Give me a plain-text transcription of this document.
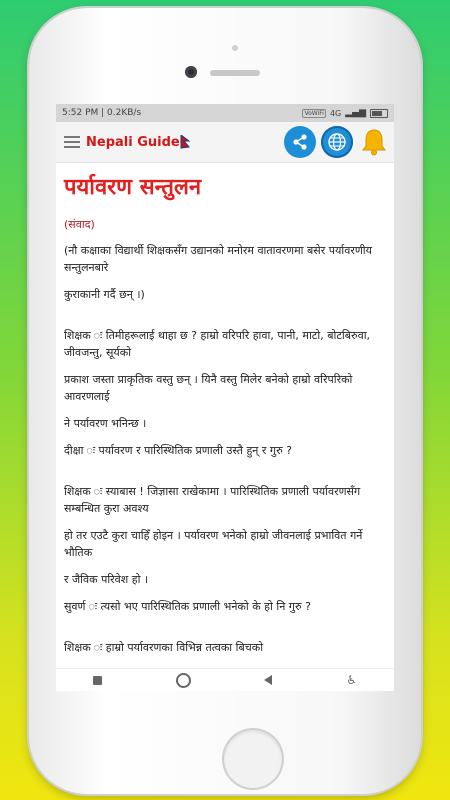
5:52 PM | 0.2KB/s	VoWiFi 4G ▂▄▆
Nepali Guide
पर्यावरण सन्तुलन
(संवाद)

(नौ कक्षाका विद्यार्थी शिक्षकसँग उद्यानको मनोरम वातावरणमा बसेर पर्यावरणीय सन्तुलनबारे

कुराकानी गर्दै छन् ।)

शिक्षक ः तिमीहरूलाई थाहा छ ? हाम्रो वरिपरि हावा, पानी, माटो, बोटबिरुवा, जीवजन्तु, सूर्यको

प्रकाश जस्ता प्राकृतिक वस्तु छन् । यिनै वस्तु मिलेर बनेको हाम्रो वरिपरिको आवरणलाई

ने पर्यावरण भनिन्छ ।

दीक्षा ः पर्यावरण र पारिस्थितिक प्रणाली उस्तै हुन् र गुरु ?

शिक्षक ः स्याबास ! जिज्ञासा राखेकामा । पारिस्थितिक प्रणाली पर्यावरणसँग सम्बन्धित कुरा अवश्य

हो तर एउटै कुरा चाहिँ होइन । पर्यावरण भनेको हाम्रो जीवनलाई प्रभावित गर्ने भौतिक

र जैविक परिवेश हो ।

सुवर्ण ः त्यसो भए पारिस्थितिक प्रणाली भनेको के हो नि गुरु ?

शिक्षक ः हाम्रो पर्यावरणका विभिन्न तत्वका बिचको

♿
